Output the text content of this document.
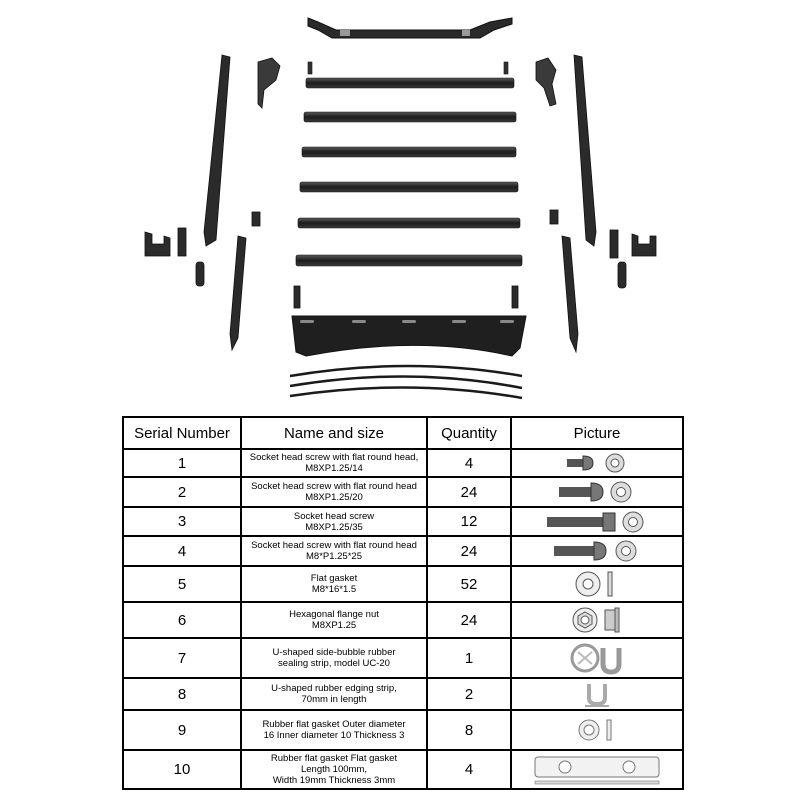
Serial Number	Name and size	Quantity	Picture
1	Socket head screw with flat round head,
M8XP1.25/14	4	

2	Socket head screw with flat round head
M8XP1.25/20	24	

3	Socket head screw
M8XP1.25/35	12	

4	Socket head screw with flat round head
M8*P1.25*25	24	

5	Flat gasket
M8*16*1.5	52	

6	Hexagonal flange nut
M8XP1.25	24	

7	U-shaped side-bubble rubber
sealing strip, model UC-20	1	

8	U-shaped rubber edging strip,
70mm in length	2	

9	Rubber flat gasket Outer diameter
16 Inner diameter 10 Thickness 3	8	

10	Rubber flat gasket Flat gasket
Length 100mm,
Width 19mm Thickness 3mm	4	
